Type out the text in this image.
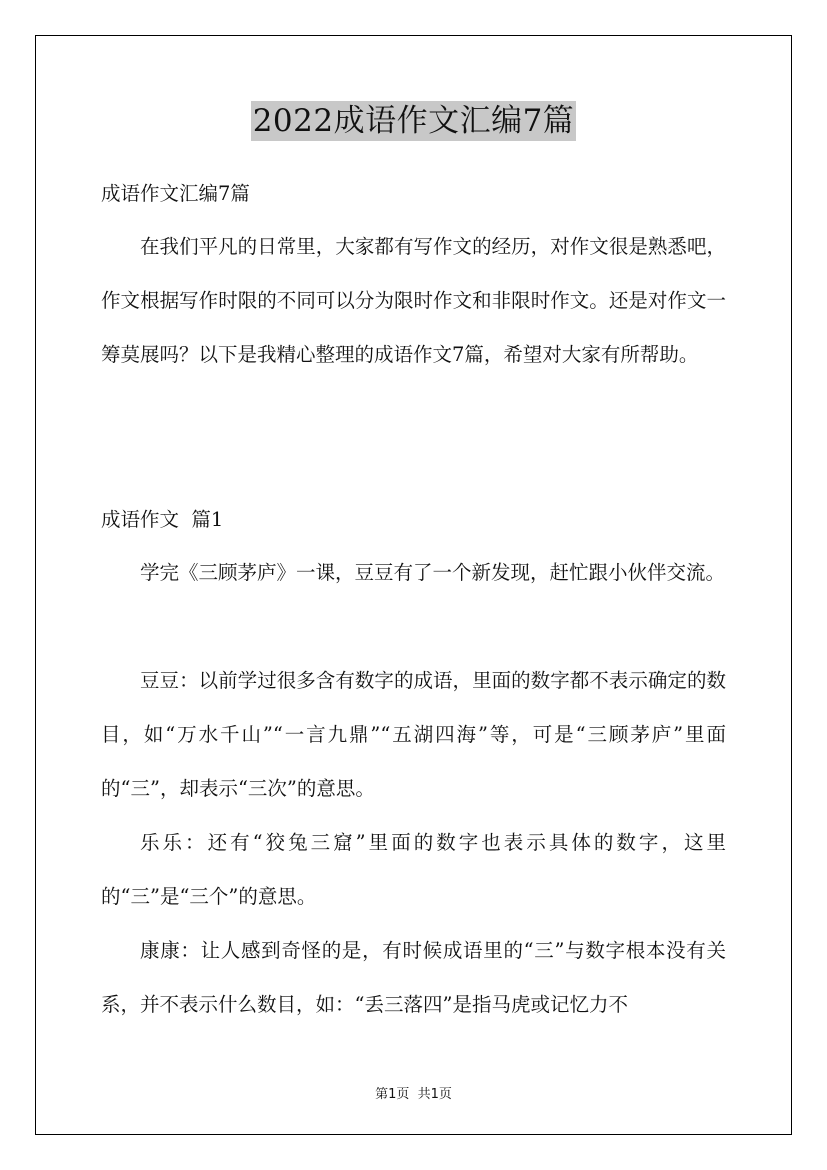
2022成语作文汇编7篇

成语作文汇编7篇

在我们平凡的日常里，大家都有写作文的经历，对作文很是熟悉吧，作文根据写作时限的不同可以分为限时作文和非限时作文。还是对作文一筹莫展吗？以下是我精心整理的成语作文7篇，希望对大家有所帮助。

成语作文  篇1

学完《三顾茅庐》一课，豆豆有了一个新发现，赶忙跟小伙伴交流。

豆豆：以前学过很多含有数字的成语，里面的数字都不表示确定的数目，如“万水千山”“一言九鼎”“五湖四海”等，可是“三顾茅庐”里面的“三”，却表示“三次”的意思。

乐乐：还有“狡兔三窟”里面的数字也表示具体的数字，这里的“三”是“三个”的意思。

康康：让人感到奇怪的是，有时候成语里的“三”与数字根本没有关系，并不表示什么数目，如：“丢三落四”是指马虎或记忆力不

第1页  共1页
